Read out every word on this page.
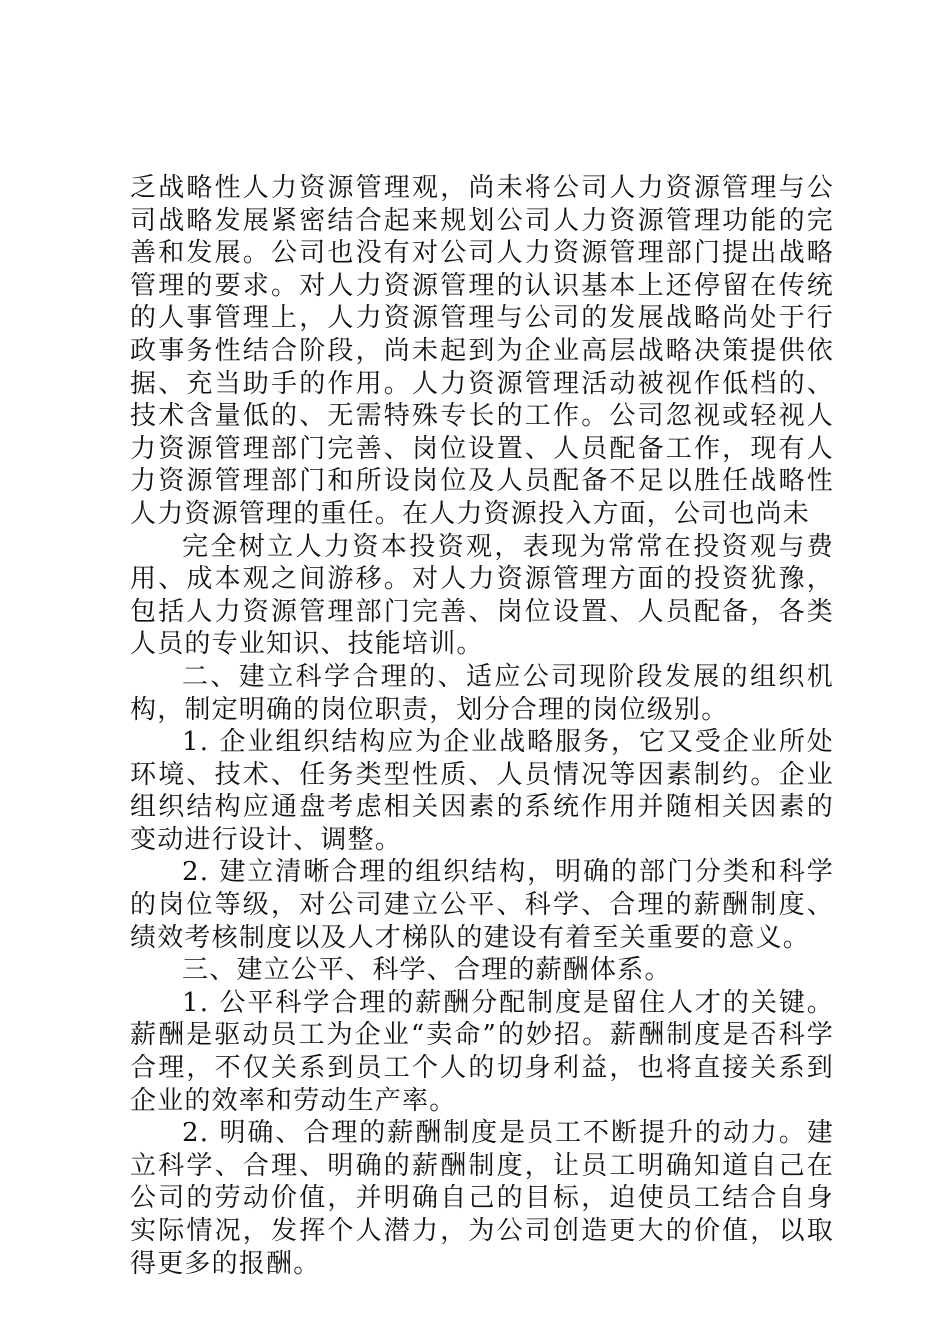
乏战略性人力资源管理观，尚未将公司人力资源管理与公司战略发展紧密结合起来规划公司人力资源管理功能的完善和发展。公司也没有对公司人力资源管理部门提出战略管理的要求。对人力资源管理的认识基本上还停留在传统的人事管理上，人力资源管理与公司的发展战略尚处于行政事务性结合阶段，尚未起到为企业高层战略决策提供依据、充当助手的作用。人力资源管理活动被视作低档的、技术含量低的、无需特殊专长的工作。公司忽视或轻视人力资源管理部门完善、岗位设置、人员配备工作，现有人力资源管理部门和所设岗位及人员配备不足以胜任战略性人力资源管理的重任。在人力资源投入方面，公司也尚未

完全树立人力资本投资观，表现为常常在投资观与费用、成本观之间游移。对人力资源管理方面的投资犹豫，包括人力资源管理部门完善、岗位设置、人员配备，各类人员的专业知识、技能培训。

二、建立科学合理的、适应公司现阶段发展的组织机构，制定明确的岗位职责，划分合理的岗位级别。

1. 企业组织结构应为企业战略服务，它又受企业所处环境、技术、任务类型性质、人员情况等因素制约。企业组织结构应通盘考虑相关因素的系统作用并随相关因素的变动进行设计、调整。

2. 建立清晰合理的组织结构，明确的部门分类和科学的岗位等级，对公司建立公平、科学、合理的薪酬制度、绩效考核制度以及人才梯队的建设有着至关重要的意义。

三、建立公平、科学、合理的薪酬体系。

1. 公平科学合理的薪酬分配制度是留住人才的关键。薪酬是驱动员工为企业“卖命”的妙招。薪酬制度是否科学合理，不仅关系到员工个人的切身利益，也将直接关系到企业的效率和劳动生产率。

2. 明确、合理的薪酬制度是员工不断提升的动力。建立科学、合理、明确的薪酬制度，让员工明确知道自己在公司的劳动价值，并明确自己的目标，迫使员工结合自身实际情况，发挥个人潜力，为公司创造更大的价值，以取得更多的报酬。
